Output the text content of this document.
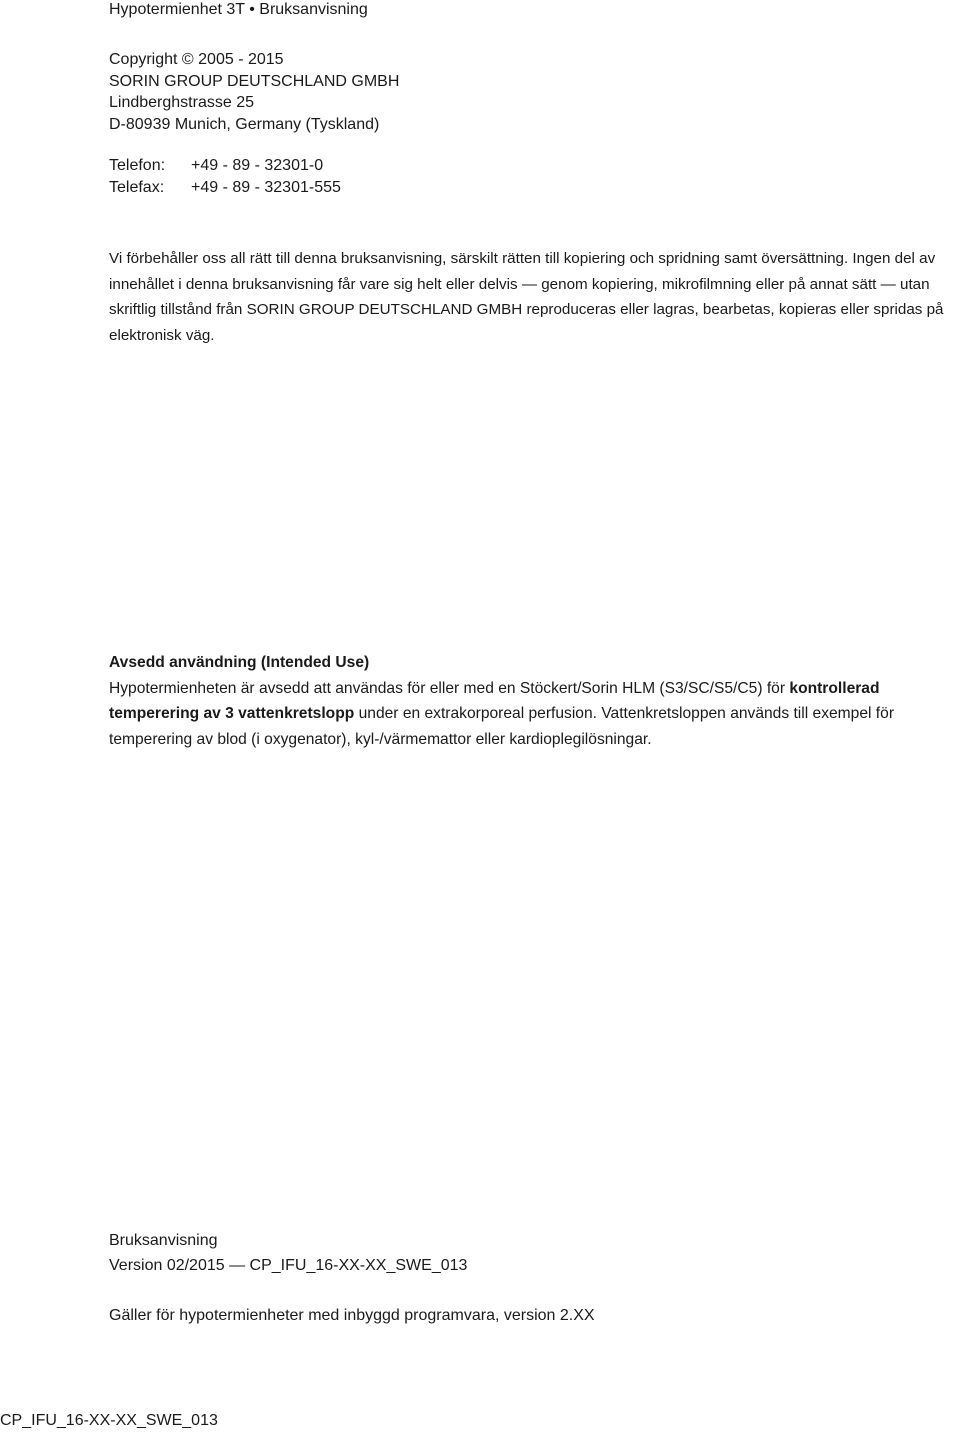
Hypotermienhet 3T • Bruksanvisning
Copyright © 2005 - 2015
SORIN GROUP DEUTSCHLAND GMBH
Lindberghstrasse 25
D-80939 Munich, Germany (Tyskland)
Telefon:	+49 - 89 - 32301-0
Telefax:	+49 - 89 - 32301-555

Vi förbehåller oss all rätt till denna bruksanvisning, särskilt rätten till kopiering och spridning samt översättning. Ingen del av innehållet i denna bruksanvisning får vare sig helt eller delvis — genom kopiering, mikrofilmning eller på annat sätt — utan skriftlig tillstånd från SORIN GROUP DEUTSCHLAND GMBH reproduceras eller lagras, bearbetas, kopieras eller spridas på elektronisk väg.

Avsedd användning (Intended Use)

Hypotermienheten är avsedd att användas för eller med en Stöckert/Sorin HLM (S3/SC/S5/C5) för kontrollerad temperering av 3 vattenkretslopp under en extrakorporeal perfusion. Vattenkretsloppen används till exempel för temperering av blod (i oxygenator), kyl-/värmemattor eller kardioplegilösningar.

Bruksanvisning
Version 02/2015 — CP_IFU_16-XX-XX_SWE_013
Gäller för hypotermienheter med inbyggd programvara, version 2.XX
CP_IFU_16-XX-XX_SWE_013
